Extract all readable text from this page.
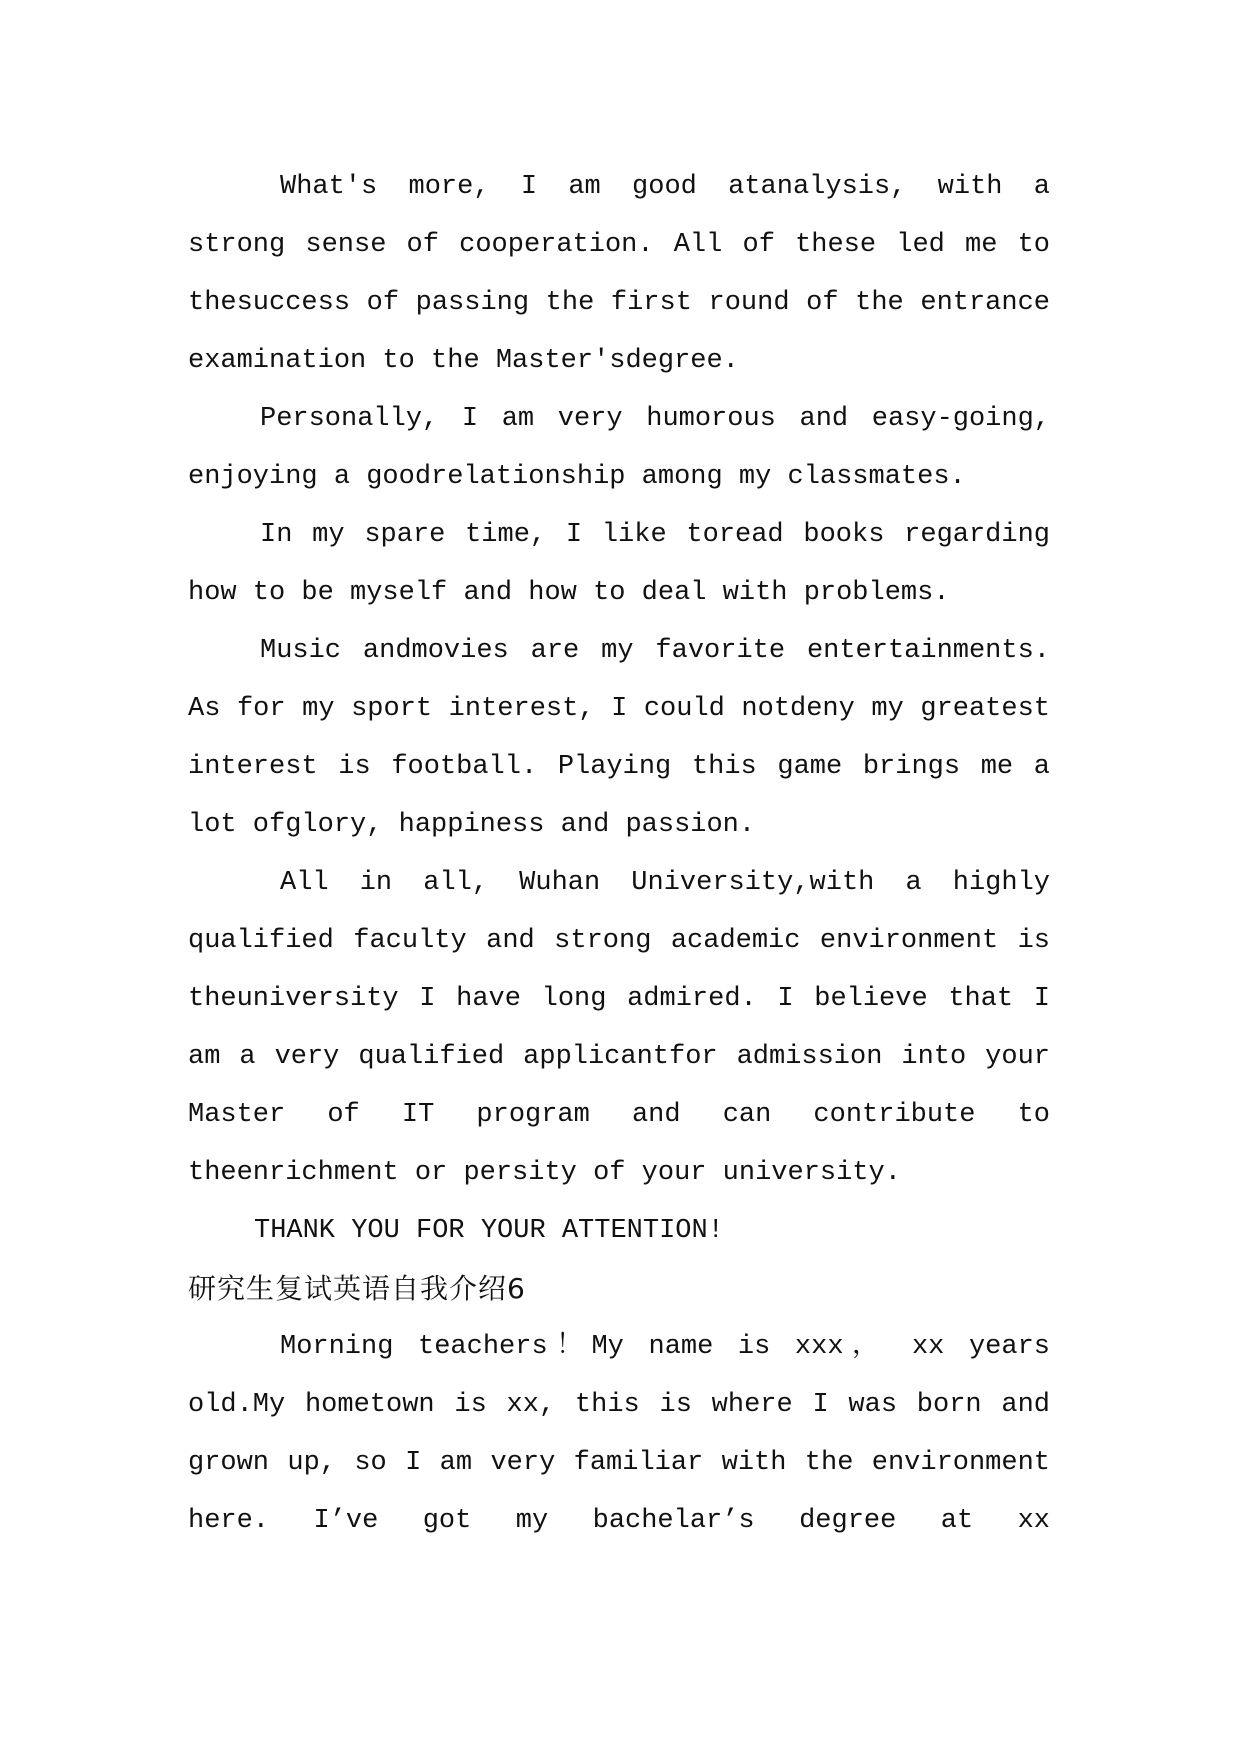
What's more, I am good atanalysis, with a strong sense of cooperation. All of these led me to thesuccess of passing the first round of the entrance examination to the Master'sdegree.

Personally, I am very humorous and easy-going, enjoying a goodrelationship among my classmates.

In my spare time, I like toread books regarding how to be myself and how to deal with problems.

Music andmovies are my favorite entertainments. As for my sport interest, I could notdeny my greatest interest is football. Playing this game brings me a lot ofglory, happiness and passion.

All in all, Wuhan University,with a highly qualified faculty and strong academic environment is theuniversity I have long admired. I believe that I am a very qualified applicantfor admission into your Master of IT program and can contribute to theenrichment or persity of your university.

THANK YOU FOR YOUR ATTENTION!

研究生复试英语自我介绍6

Morning teachers！My name is xxx， xx years old.My hometown is xx, this is where I was born and grown up, so I am very familiar with the environment here. I’ve got my bachelar’s degree at xx
